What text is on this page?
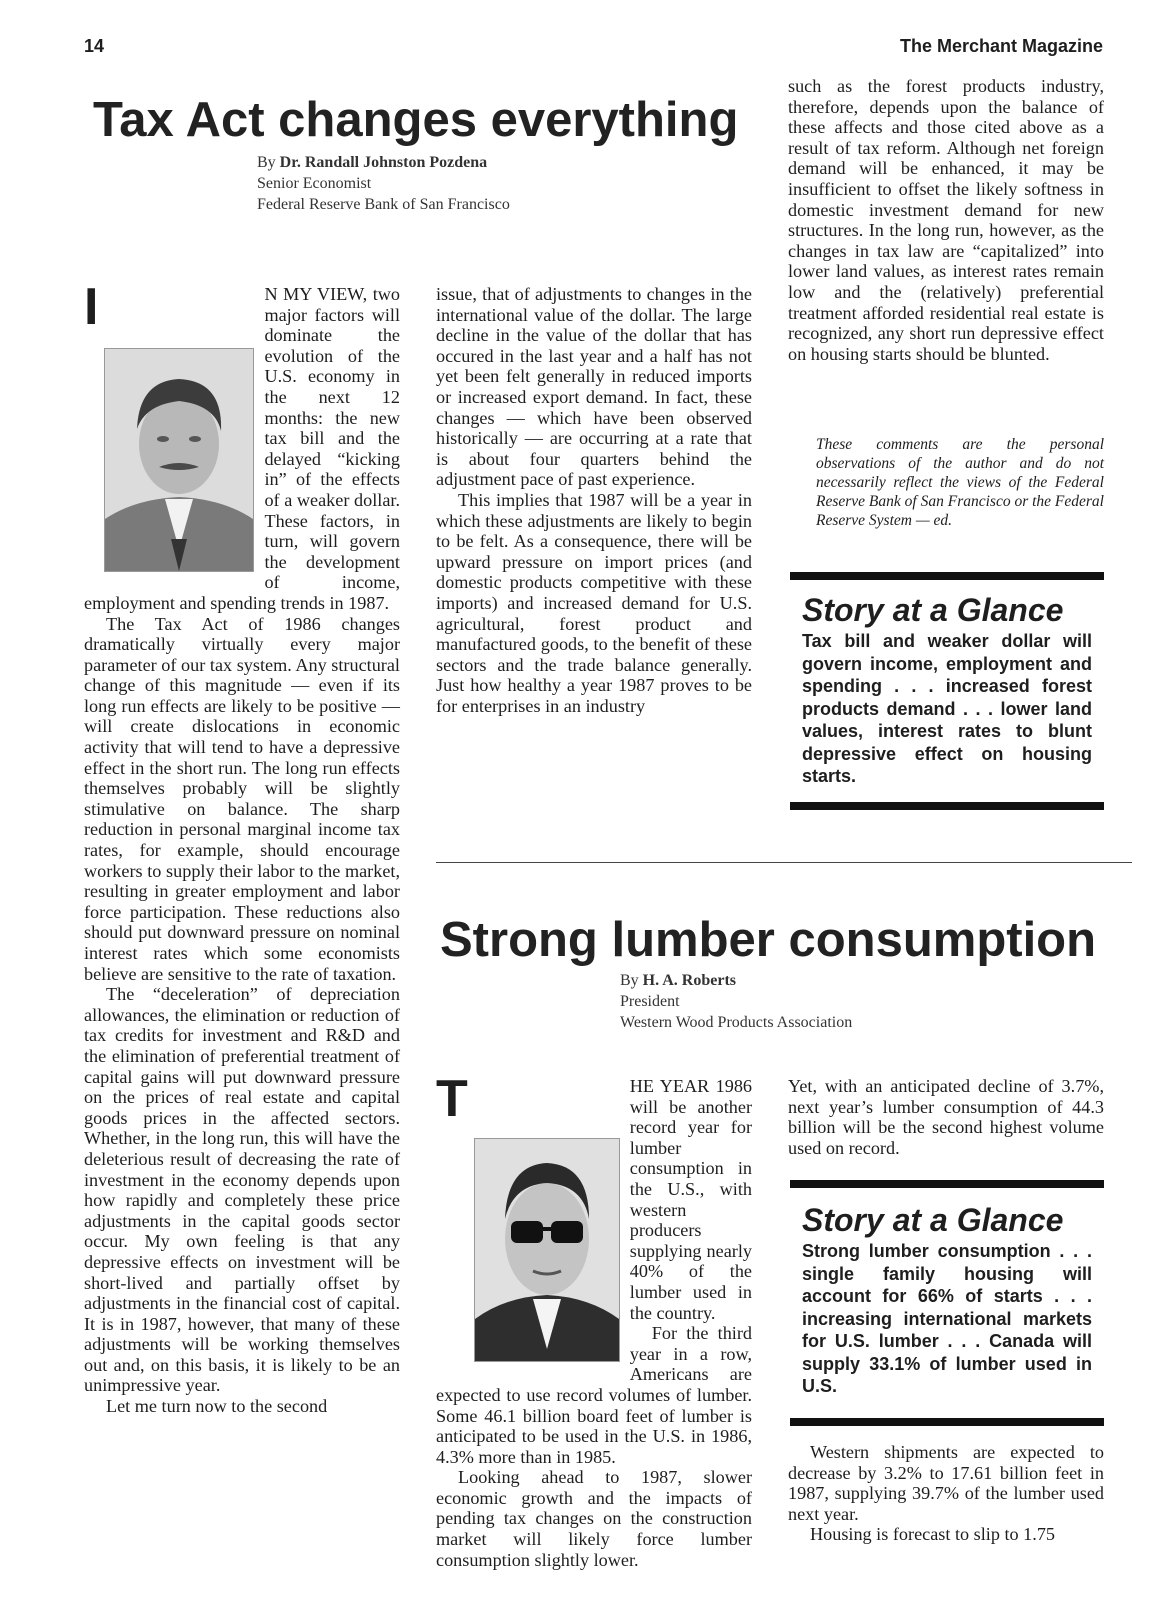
14	The Merchant Magazine
Tax Act changes everything
By Dr. Randall Johnston Pozdena
Senior Economist
Federal Reserve Bank of San Francisco

I	N MY VIEW, two major factors will dominate the evolution of the U.S. economy in the next 12 months: the new tax bill and the delayed “kicking in” of the effects of a weaker dollar. These factors, in turn, will govern the development of income, employment and spending trends in 1987.

The Tax Act of 1986 changes dramatically virtually every major parameter of our tax system. Any structural change of this magnitude — even if its long run effects are likely to be positive — will create dislocations in economic activity that will tend to have a depressive effect in the short run. The long run effects themselves probably will be slightly stimulative on balance. The sharp reduction in personal marginal income tax rates, for example, should encourage workers to supply their labor to the market, resulting in greater employment and labor force participation. These reductions also should put downward pressure on nominal interest rates which some economists believe are sensitive to the rate of taxation.

The “deceleration” of depreciation allowances, the elimination or reduction of tax credits for investment and R&D and the elimination of preferential treatment of capital gains will put downward pressure on the prices of real estate and capital goods prices in the affected sectors. Whether, in the long run, this will have the deleterious result of decreasing the rate of investment in the economy depends upon how rapidly and completely these price adjustments in the capital goods sector occur. My own feeling is that any depressive effects on investment will be short-lived and partially offset by adjustments in the financial cost of capital. It is in 1987, however, that many of these adjustments will be working themselves out and, on this basis, it is likely to be an unimpressive year.

Let me turn now to the second

issue, that of adjustments to changes in the international value of the dollar. The large decline in the value of the dollar that has occured in the last year and a half has not yet been felt generally in reduced imports or increased export demand. In fact, these changes — which have been observed historically — are occurring at a rate that is about four quarters behind the adjustment pace of past experience.

This implies that 1987 will be a year in which these adjustments are likely to begin to be felt. As a consequence, there will be upward pressure on import prices (and domestic products competitive with these imports) and increased demand for U.S. agricultural, forest product and manufactured goods, to the benefit of these sectors and the trade balance generally. Just how healthy a year 1987 proves to be for enterprises in an industry

such as the forest products industry, therefore, depends upon the balance of these affects and those cited above as a result of tax reform. Although net foreign demand will be enhanced, it may be insufficient to offset the likely softness in domestic investment demand for new structures. In the long run, however, as the changes in tax law are “capitalized” into lower land values, as interest rates remain low and the (relatively) preferential treatment afforded residential real estate is recognized, any short run depressive effect on housing starts should be blunted.

These comments are the personal observations of the author and do not necessarily reflect the views of the Federal Reserve Bank of San Francisco or the Federal Reserve System — ed.
Story at a Glance
Tax bill and weaker dollar will govern income, employment and spending . . . increased forest products demand . . . lower land values, interest rates to blunt depressive effect on housing starts.
Strong lumber consumption
By H. A. Roberts
President
Western Wood Products Association

T	HE YEAR 1986 will be another record year for lumber consumption in the U.S., with western producers supplying nearly 40% of the lumber used in the country.

For the third year in a row, Americans are expected to use record volumes of lumber. Some 46.1 billion board feet of lumber is anticipated to be used in the U.S. in 1986, 4.3% more than in 1985.

Looking ahead to 1987, slower economic growth and the impacts of pending tax changes on the construction market will likely force lumber consumption slightly lower.

Yet, with an anticipated decline of 3.7%, next year’s lumber consumption of 44.3 billion will be the second highest volume used on record.

Story at a Glance
Strong lumber consumption . . . single family housing will account for 66% of starts . . . increasing international markets for U.S. lumber . . . Canada will supply 33.1% of lumber used in U.S.

Western shipments are expected to decrease by 3.2% to 17.61 billion feet in 1987, supplying 39.7% of the lumber used next year.

Housing is forecast to slip to 1.75
